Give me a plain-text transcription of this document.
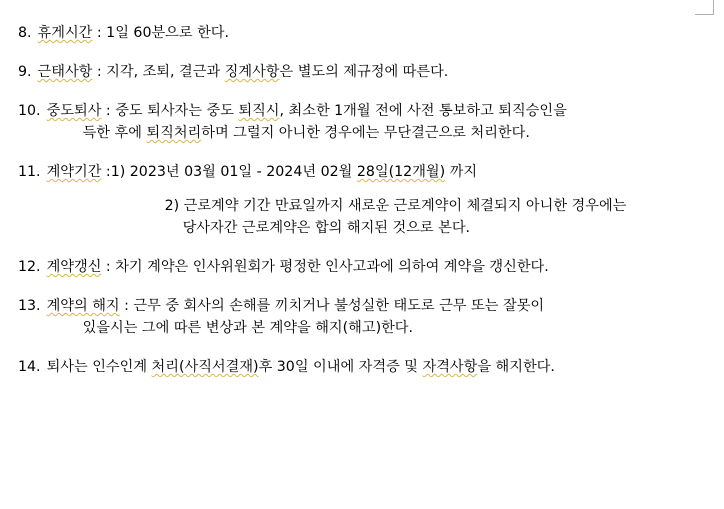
8. 휴게시간 : 1일 60분으로 한다.
9. 근태사항 : 지각, 조퇴, 결근과 징계사항은 별도의 제규정에 따른다.
10. 중도퇴사 : 중도 퇴사자는 중도 퇴직시, 최소한 1개월 전에 사전 통보하고 퇴직승인을
득한 후에 퇴직처리하며 그럴지 아니한 경우에는 무단결근으로 처리한다.
11. 계약기간 :1) 2023년 03월 01일 - 2024년 02월 28일(12개월) 까지
2) 근로계약 기간 만료일까지 새로운 근로계약이 체결되지 아니한 경우에는
당사자간 근로계약은 합의 해지된 것으로 본다.
12. 계약갱신 : 차기 계약은 인사위원회가 평정한 인사고과에 의하여 계약을 갱신한다.
13. 계약의 해지 : 근무 중 회사의 손해를 끼치거나 불성실한 태도로 근무 또는 잘못이
있을시는 그에 따른 변상과 본 계약을 해지(해고)한다.
14. 퇴사는 인수인계 처리(사직서결재)후 30일 이내에 자격증 및 자격사항을 해지한다.
